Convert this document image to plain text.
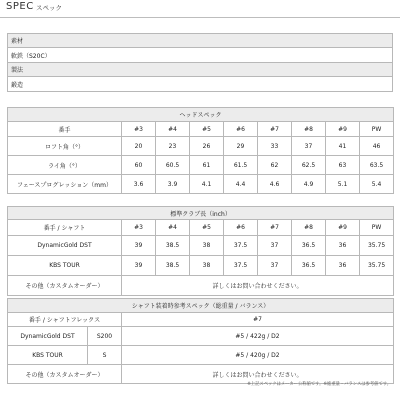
SPEC スペック
素材
軟鉄（S20C）
製法
鍛造
ヘッドスペック								
番手	#3	#4	#5	#6	#7	#8	#9	PW
ロフト角（°）	20	23	26	29	33	37	41	46
ライ角（°）	60	60.5	61	61.5	62	62.5	63	63.5
フェースプログレッション（mm）	3.6	3.9	4.1	4.4	4.6	4.9	5.1	5.4
標準クラブ長（inch）								
番手 / シャフト	#3	#4	#5	#6	#7	#8	#9	PW
DynamicGold DST	39	38.5	38	37.5	37	36.5	36	35.75
KBS TOUR	39	38.5	38	37.5	37	36.5	36	35.75
その他（カスタムオーダー）	詳しくはお問い合わせください。							
シャフト装着時参考スペック（総重量 / バランス）		
番手 / シャフトフレックス		#7
DynamicGold DST	S200	#5 / 422g / D2
KBS TOUR	S	#5 / 420g / D2
その他（カスタムオーダー）		詳しくはお問い合わせください。
※上記スペックはメーカー公称値です。※総重量・バランスは参考値です。
